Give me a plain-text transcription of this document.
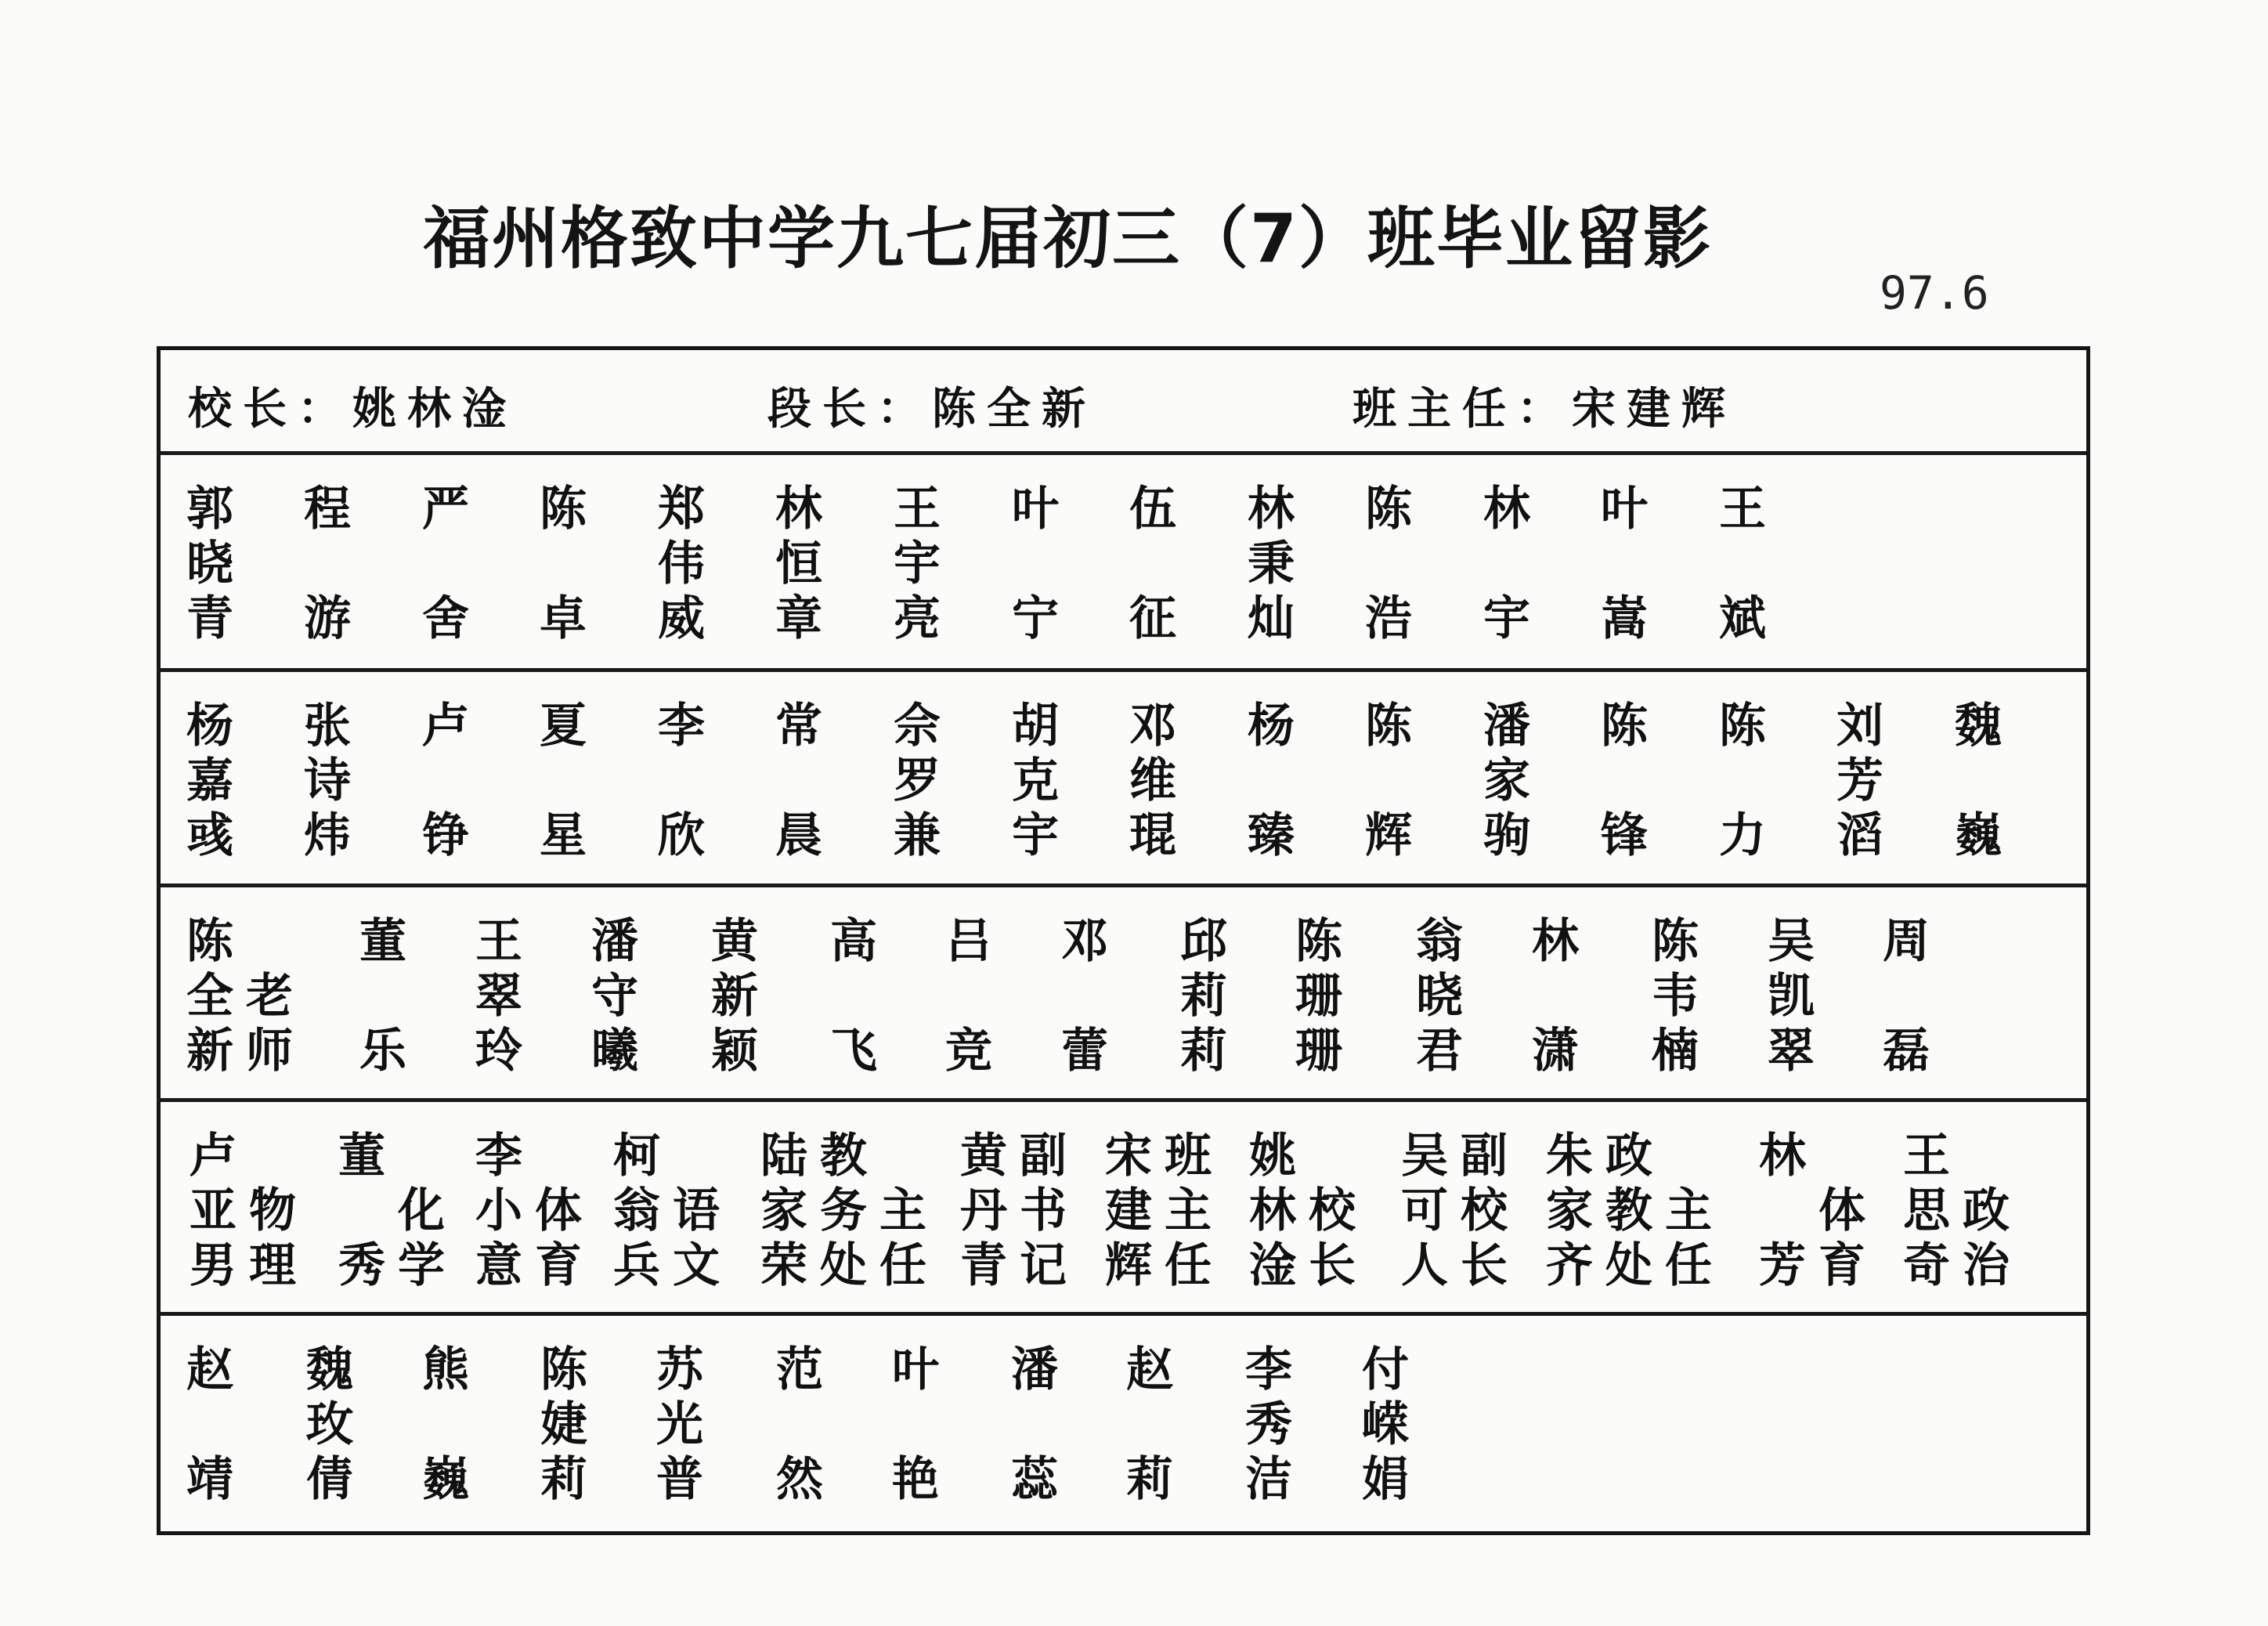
福州格致中学九七届初三（7）班毕业留影
97.6
校长：姚林淦	段长：陈全新	班主任：宋建辉
郭
晓
青
程
游
严
舍
陈
卓
郑
伟
威
林
恒
章
王
宇
亮
叶
宁
伍
征
林
秉
灿
陈
浩
林
宇
叶
嵩
王
斌
杨
嘉
彧
张
诗
炜
卢
铮
夏
星
李
欣
常
晨
佘
罗
兼
胡
克
宇
邓
维
琨
杨
臻
陈
辉
潘
家
驹
陈
锋
陈
力
刘
芳
滔
魏
巍
陈
全老
新师
董
乐
王
翠
玲
潘
守
曦
黄
新
颖
高
飞
吕
竞
邓
蕾
邱
莉
莉
陈
珊
珊
翁
晓
君
林
潇
陈
韦
楠
吴
凯
翠
周
磊
卢
亚物
男理
董
　化
秀学
李
小体
意育
柯
翁语
兵文
陆教
家务主
荣处任
黄副
丹书
青记
宋班
建主
辉任
姚
林校
淦长
吴副
可校
人长
朱政
家教主
齐处任
林
　体
芳育
王
思政
奇治
赵
靖
魏
玫
倩
熊
巍
陈
婕
莉
苏
光
普
范
然
叶
艳
潘
蕊
赵
莉
李
秀
洁
付
嵘
娟
